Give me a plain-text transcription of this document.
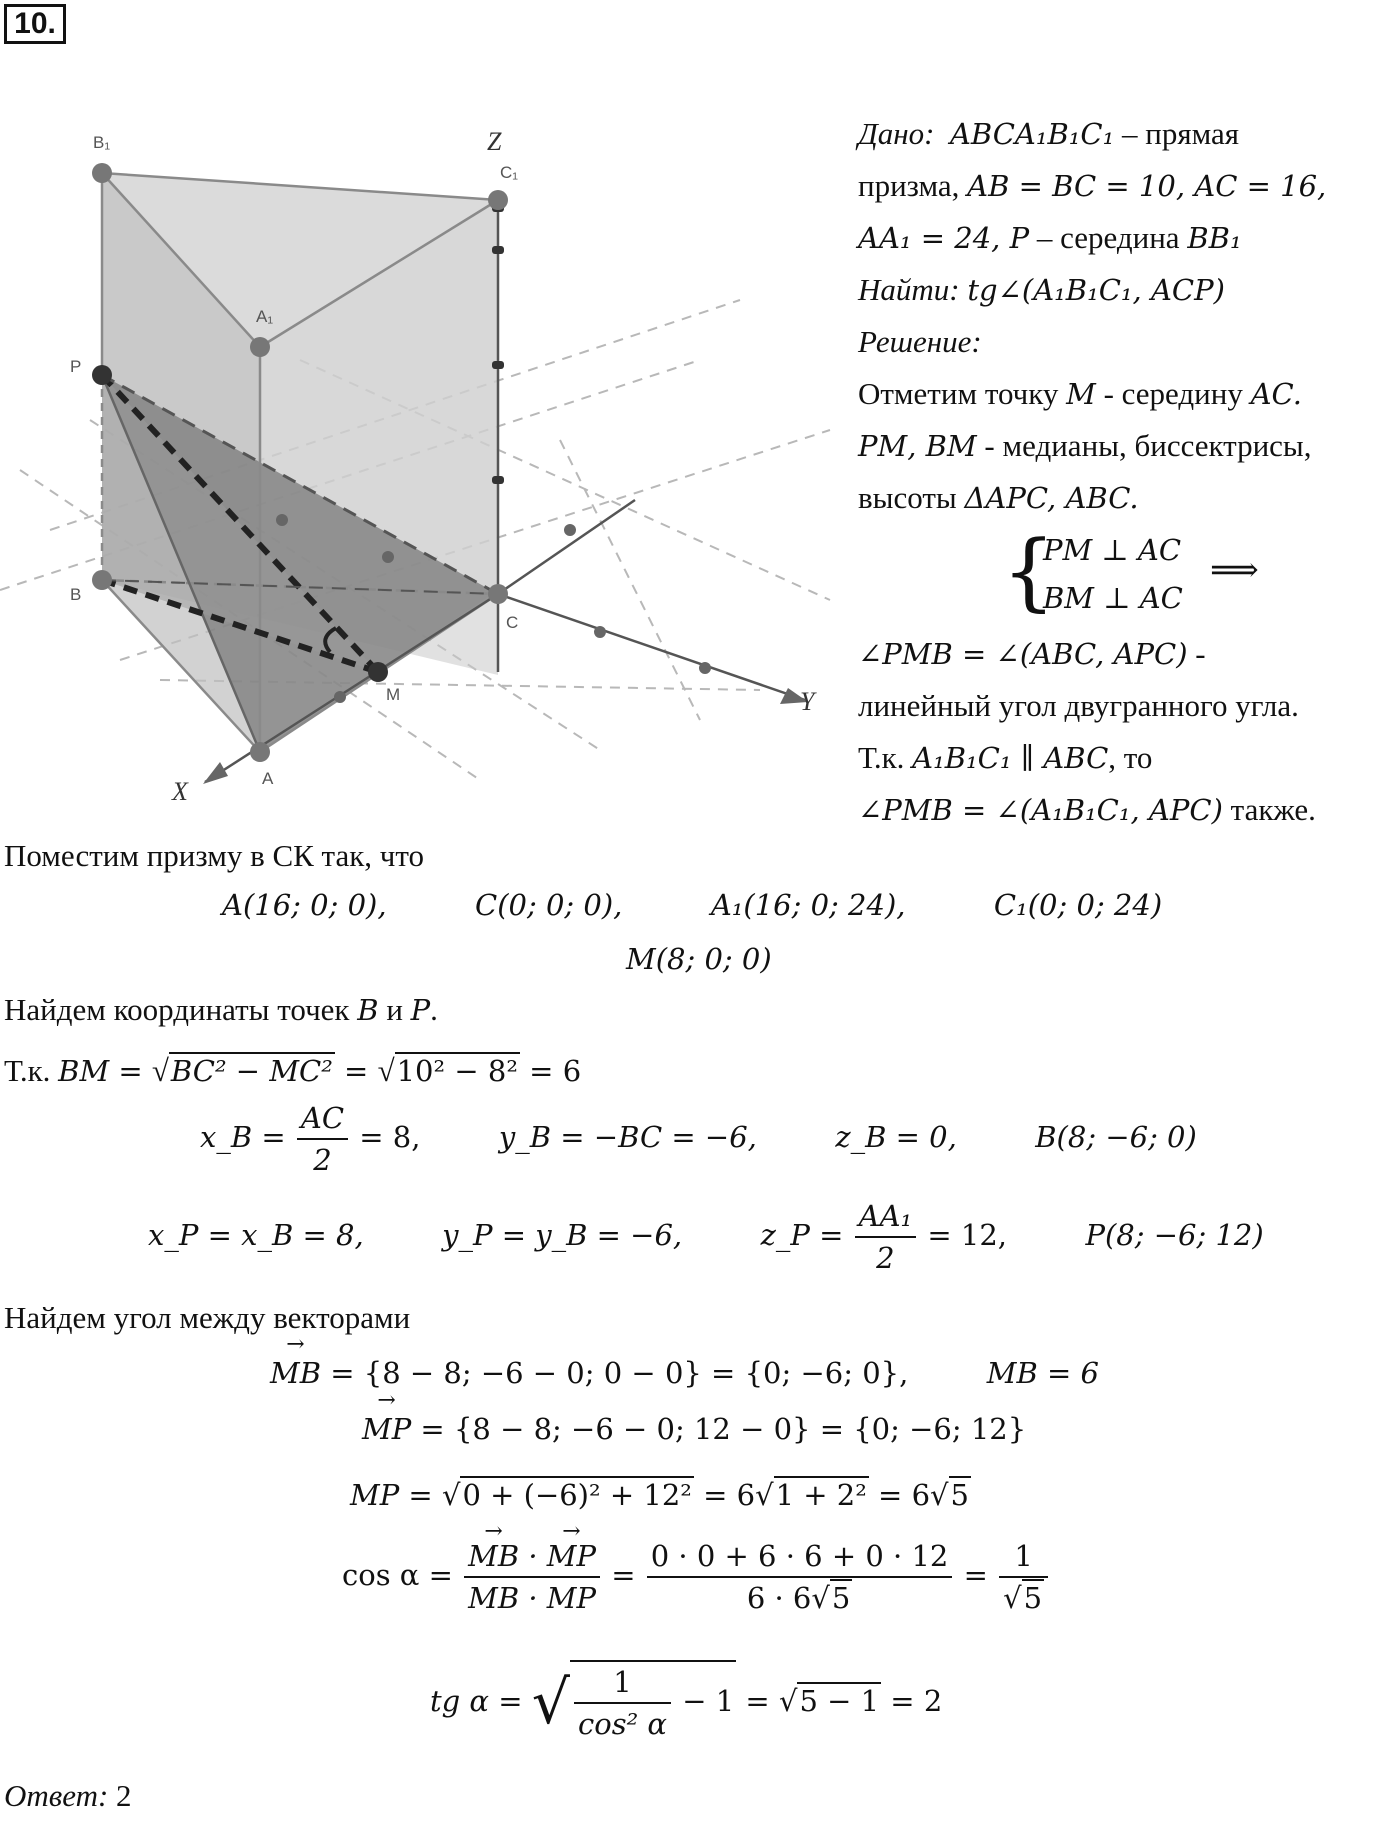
10.
B₁
C₁
A₁
P
B
C
M
A
Z
X
Y
Дано: ABCA₁B₁C₁ – прямая
призма, AB = BC = 10, AC = 16,
AA₁ = 24, P – середина BB₁
Найти: tg∠(A₁B₁C₁, ACP)
Решение:
Отметим точку M - середину AC.
PM, BM - медианы, биссектрисы,
высоты ΔAPC, ABC.
{
PM ⊥ AC
BM ⊥ AC
⟹
∠PMB = ∠(ABC, APC) -
линейный угол двугранного угла.
Т.к. A₁B₁C₁ ∥ ABC, то
∠PMB = ∠(A₁B₁C₁, APC) также.
Поместим призму в СК так, что
A(16; 0; 0),	C(0; 0; 0),	A₁(16; 0; 24),	C₁(0; 0; 24)
M(8; 0; 0)
Найдем координаты точек B и P.
Т.к. BM = √BC² − MC² = √10² − 8² = 6
x_B = $\frac{AC}{2} = 8$,	y_B = −BC = −6,	z_B = 0,	B(8; −6; 0)
x_P = x_B = 8,	y_P = y_B = −6,	z_P = $\frac{\text{AA₁}}{2} = 12$,	P(8; −6; 12)
Найдем угол между векторами
→ MB = {8 − 8; −6 − 0; 0 − 0} = {0; −6; 0},	MB = 6
→ MP = {8 − 8; −6 − 0; 12 − 0} = {0; −6; 12}
MP = √0 + (−6)² + 12² = 6√1 + 2² = 6√5
cos α =
→ $\frac{MB \cdot \to MP}{MB \cdot MP} = \frac{0 \cdot 0 + 6 \cdot 6 + 0 \cdot 12}{6 \cdot 6√5} = \frac{1}{√5}$
tg α = √ $\frac{1}{\text{cos² α}} - 1 = √5 - 1 = 2$
Ответ: 2
